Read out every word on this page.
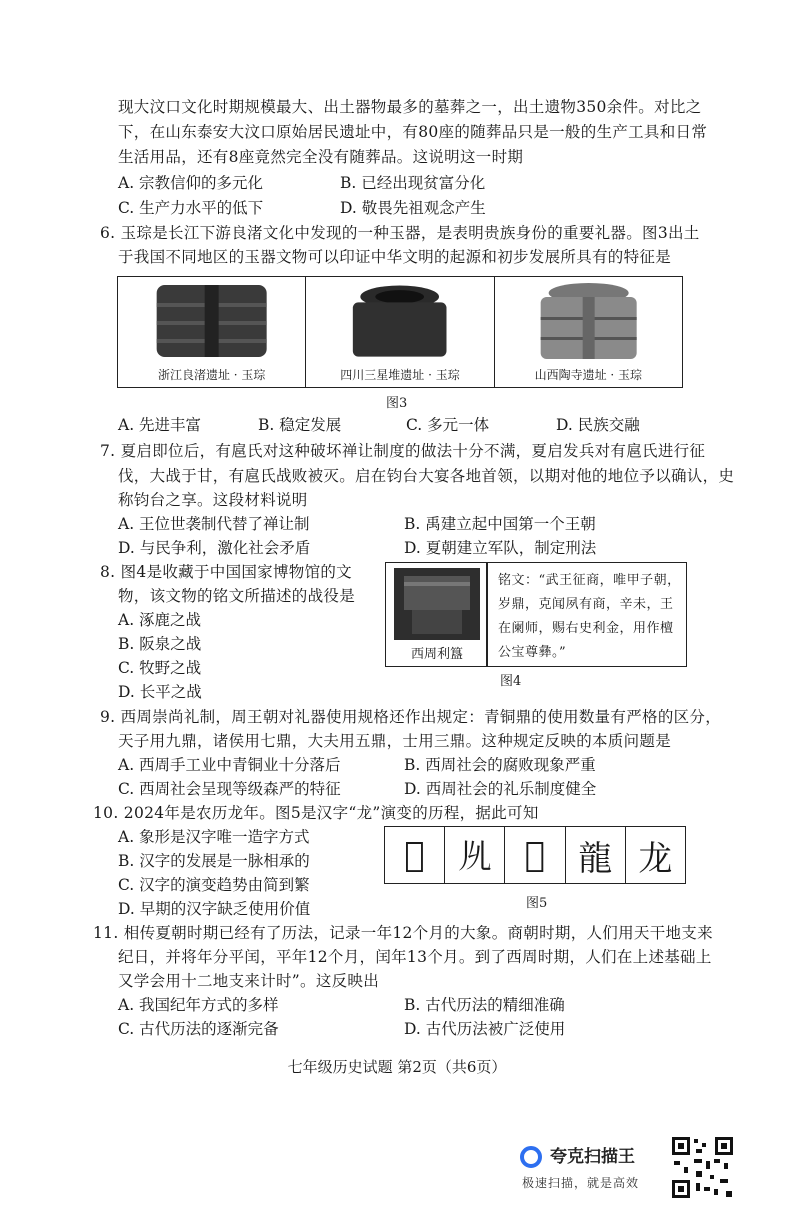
现大汶口文化时期规模最大、出土器物最多的墓葬之一，出土遗物350余件。对比之
下，在山东泰安大汶口原始居民遗址中，有80座的随葬品只是一般的生产工具和日常
生活用品，还有8座竟然完全没有随葬品。这说明这一时期
A. 宗教信仰的多元化	B. 已经出现贫富分化
C. 生产力水平的低下	D. 敬畏先祖观念产生
6. 玉琮是长江下游良渚文化中发现的一种玉器，是表明贵族身份的重要礼器。图3出土
于我国不同地区的玉器文物可以印证中华文明的起源和初步发展所具有的特征是
浙江良渚遗址 · 玉琮	四川三星堆遗址 · 玉琮	山西陶寺遗址 · 玉琮
图3
A. 先进丰富	B. 稳定发展	C. 多元一体	D. 民族交融
7. 夏启即位后，有扈氏对这种破坏禅让制度的做法十分不满，夏启发兵对有扈氏进行征
伐，大战于甘，有扈氏战败被灭。启在钧台大宴各地首领，以期对他的地位予以确认，史
称钧台之享。这段材料说明
A. 王位世袭制代替了禅让制	B. 禹建立起中国第一个王朝
D. 与民争利，激化社会矛盾	D. 夏朝建立军队，制定刑法
8. 图4是收藏于中国国家博物馆的文
物，该文物的铭文所描述的战役是
A. 涿鹿之战
B. 阪泉之战
C. 牧野之战
D. 长平之战
西周利簋
铭文：“武王征商，唯甲子朝，岁鼎，克闻夙有商，辛未，王在阑师，赐右史利金，用作檀公宝尊彝。”
图4
9. 西周崇尚礼制，周王朝对礼器使用规格还作出规定：青铜鼎的使用数量有严格的区分，
天子用九鼎，诸侯用七鼎，大夫用五鼎，士用三鼎。这种规定反映的本质问题是
A. 西周手工业中青铜业十分落后	B. 西周社会的腐败现象严重
C. 西周社会呈现等级森严的特征	D. 西周社会的礼乐制度健全
10. 2024年是农历龙年。图5是汉字“龙”演变的历程，据此可知
A. 象形是汉字唯一造字方式
B. 汉字的发展是一脉相承的
C. 汉字的演变趋势由简到繁
D. 早期的汉字缺乏使用价值
𠁶 𠃕 𧆞 龍 龙
图5
11. 相传夏朝时期已经有了历法，记录一年12个月的大象。商朝时期，人们用天干地支来
纪日，并将年分平闰，平年12个月，闰年13个月。到了西周时期，人们在上述基础上
又学会用十二地支来计时”。这反映出
A. 我国纪年方式的多样	B. 古代历法的精细准确
C. 古代历法的逐渐完备	D. 古代历法被广泛使用
七年级历史试题 第2页（共6页）
夸克扫描王
极速扫描，就是高效
